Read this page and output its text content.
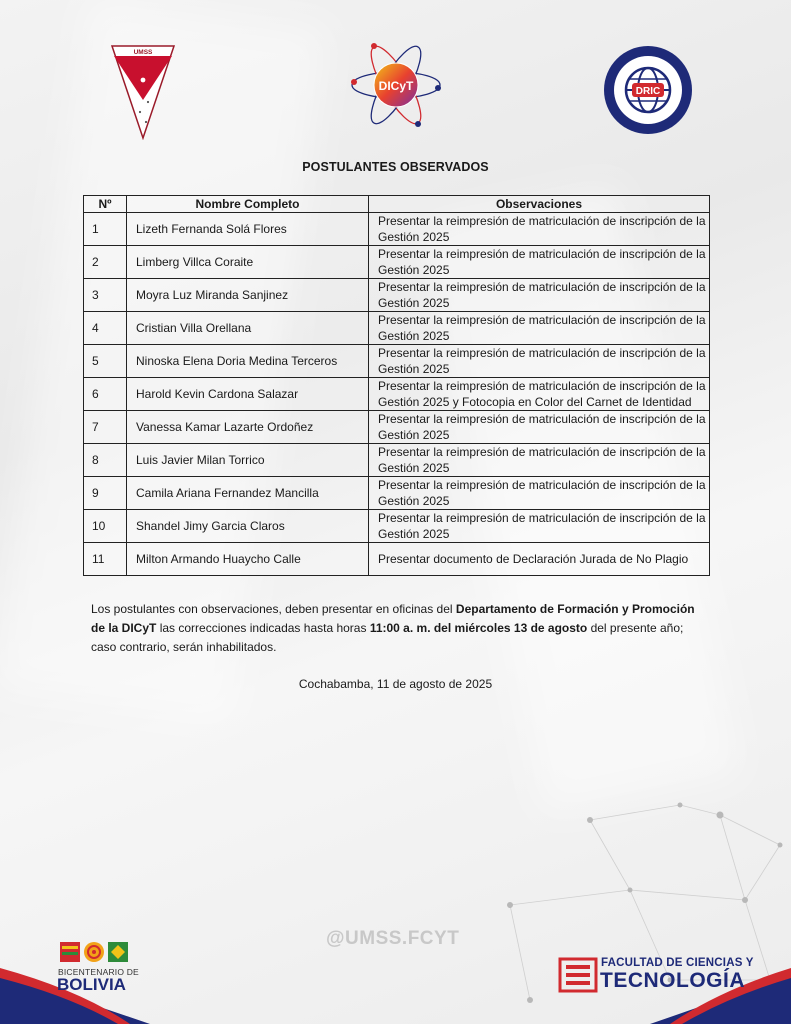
UMSS
DICyT	DRIC
POSTULANTES OBSERVADOS
Nº	Nombre Completo	Observaciones
1	Lizeth Fernanda Solá Flores	Presentar la reimpresión de matriculación de inscripción de la
Gestión 2025

2	Limberg Villca Coraite	Presentar la reimpresión de matriculación de inscripción de la
Gestión 2025

3	Moyra Luz Miranda Sanjinez	Presentar la reimpresión de matriculación de inscripción de la
Gestión 2025

4	Cristian Villa Orellana	Presentar la reimpresión de matriculación de inscripción de la
Gestión 2025

5	Ninoska Elena Doria Medina Terceros	Presentar la reimpresión de matriculación de inscripción de la
Gestión 2025

6	Harold Kevin Cardona Salazar	Presentar la reimpresión de matriculación de inscripción de la
Gestión 2025 y Fotocopia en Color del Carnet de Identidad

7	Vanessa Kamar Lazarte Ordoñez	Presentar la reimpresión de matriculación de inscripción de la
Gestión 2025

8	Luis Javier Milan Torrico	Presentar la reimpresión de matriculación de inscripción de la
Gestión 2025

9	Camila Ariana Fernandez Mancilla	Presentar la reimpresión de matriculación de inscripción de la
Gestión 2025

10	Shandel Jimy Garcia Claros	Presentar la reimpresión de matriculación de inscripción de la
Gestión 2025

11	Milton Armando Huaycho Calle	Presentar documento de Declaración Jurada de No Plagio
Los postulantes con observaciones, deben presentar en oficinas del Departamento de Formación y Promoción de la DICyT las correcciones indicadas hasta horas 11:00 a. m. del miércoles 13 de agosto del presente año; caso contrario, serán inhabilitados.
Cochabamba, 11 de agosto de 2025
@UMSS.FCYT
BICENTENARIO DE
BOLIVIA
FACULTAD DE CIENCIAS Y
TECNOLOGÍA
